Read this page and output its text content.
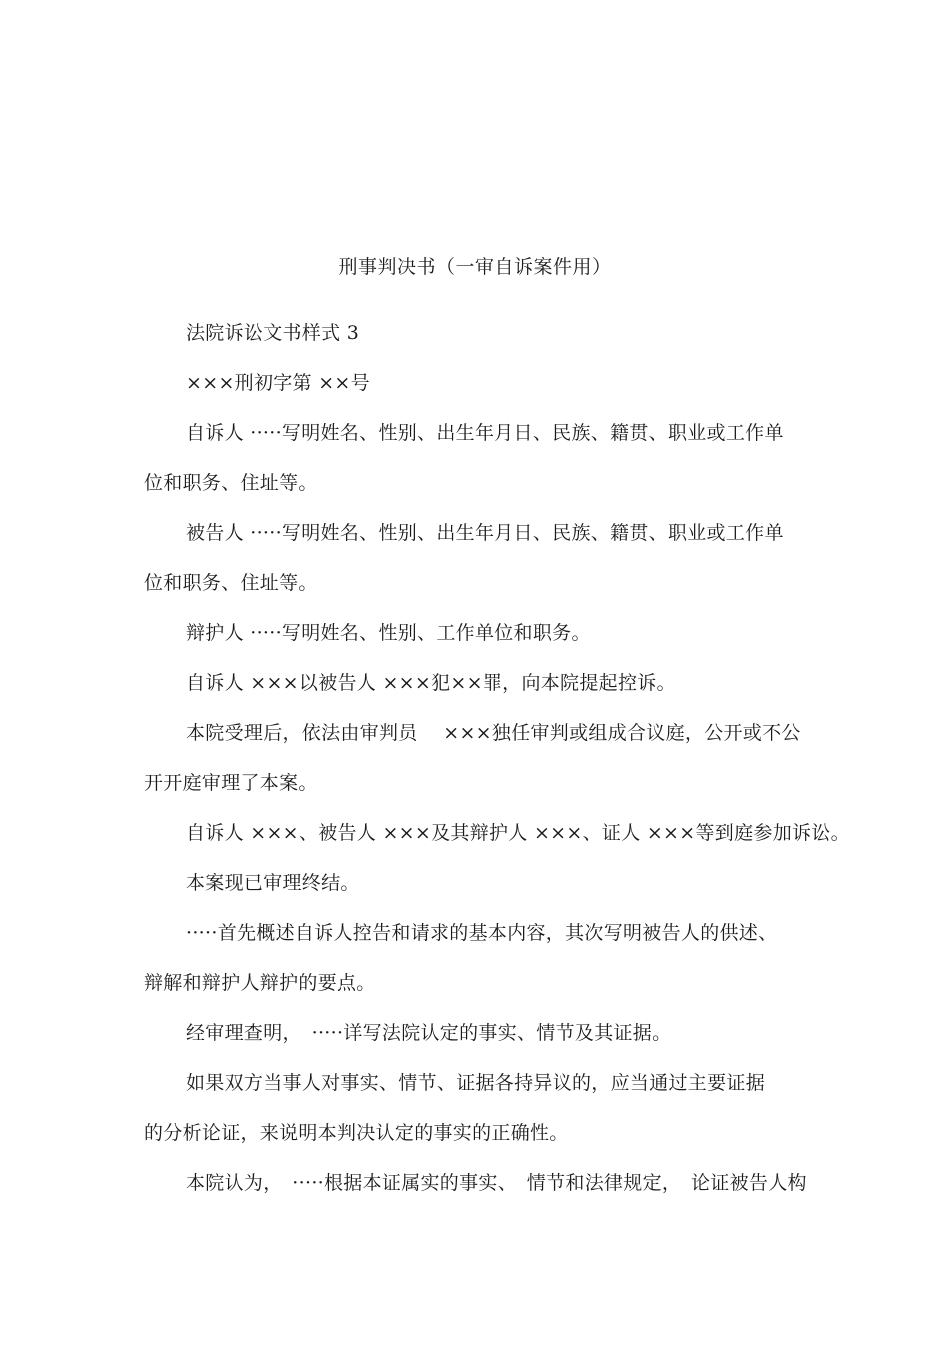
刑事判决书（一审自诉案件用）
法院诉讼文书样式 3
×××刑初字第 ××号
自诉人 ·····写明姓名、性别、出生年月日、民族、籍贯、职业或工作单
位和职务、住址等。
被告人 ·····写明姓名、性别、出生年月日、民族、籍贯、职业或工作单
位和职务、住址等。
辩护人 ·····写明姓名、性别、工作单位和职务。
自诉人 ×××以被告人 ×××犯××罪，向本院提起控诉。
本院受理后，依法由审判员　 ×××独任审判或组成合议庭，公开或不公
开开庭审理了本案。
自诉人 ×××、被告人 ×××及其辩护人 ×××、证人 ×××等到庭参加诉讼。
本案现已审理终结。
·····首先概述自诉人控告和请求的基本内容，其次写明被告人的供述、
辩解和辩护人辩护的要点。
经审理查明，　·····详写法院认定的事实、情节及其证据。
如果双方当事人对事实、情节、证据各持异议的，应当通过主要证据
的分析论证，来说明本判决认定的事实的正确性。
本院认为，　·····根据本证属实的事实、　情节和法律规定，　论证被告人构
